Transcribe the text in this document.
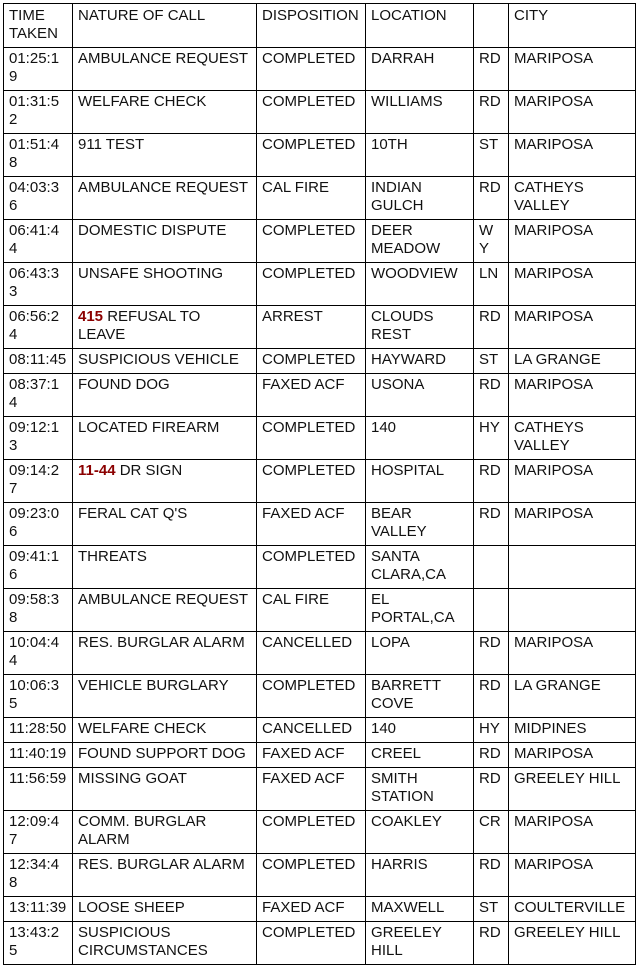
TIME TAKEN	NATURE OF CALL	DISPOSITION	LOCATION		CITY
01:25:19	AMBULANCE REQUEST	COMPLETED	DARRAH	RD	MARIPOSA
01:31:52	WELFARE CHECK	COMPLETED	WILLIAMS	RD	MARIPOSA
01:51:48	911 TEST	COMPLETED	10TH	ST	MARIPOSA
04:03:36	AMBULANCE REQUEST	CAL FIRE	INDIAN GULCH	RD	CATHEYS VALLEY
06:41:44	DOMESTIC DISPUTE	COMPLETED	DEER MEADOW	WY	MARIPOSA
06:43:33	UNSAFE SHOOTING	COMPLETED	WOODVIEW	LN	MARIPOSA
06:56:24	415 REFUSAL TO LEAVE	ARREST	CLOUDS REST	RD	MARIPOSA
08:11:45	SUSPICIOUS VEHICLE	COMPLETED	HAYWARD	ST	LA GRANGE
08:37:14	FOUND DOG	FAXED ACF	USONA	RD	MARIPOSA
09:12:13	LOCATED FIREARM	COMPLETED	140	HY	CATHEYS VALLEY
09:14:27	11-44 DR SIGN	COMPLETED	HOSPITAL	RD	MARIPOSA
09:23:06	FERAL CAT Q'S	FAXED ACF	BEAR VALLEY	RD	MARIPOSA
09:41:16	THREATS	COMPLETED	SANTA CLARA,CA		
09:58:38	AMBULANCE REQUEST	CAL FIRE	EL PORTAL,CA		
10:04:44	RES. BURGLAR ALARM	CANCELLED	LOPA	RD	MARIPOSA
10:06:35	VEHICLE BURGLARY	COMPLETED	BARRETT COVE	RD	LA GRANGE
11:28:50	WELFARE CHECK	CANCELLED	140	HY	MIDPINES
11:40:19	FOUND SUPPORT DOG	FAXED ACF	CREEL	RD	MARIPOSA
11:56:59	MISSING GOAT	FAXED ACF	SMITH STATION	RD	GREELEY HILL
12:09:47	COMM. BURGLAR ALARM	COMPLETED	COAKLEY	CR	MARIPOSA
12:34:48	RES. BURGLAR ALARM	COMPLETED	HARRIS	RD	MARIPOSA
13:11:39	LOOSE SHEEP	FAXED ACF	MAXWELL	ST	COULTERVILLE
13:43:25	SUSPICIOUS CIRCUMSTANCES	COMPLETED	GREELEY HILL	RD	GREELEY HILL
